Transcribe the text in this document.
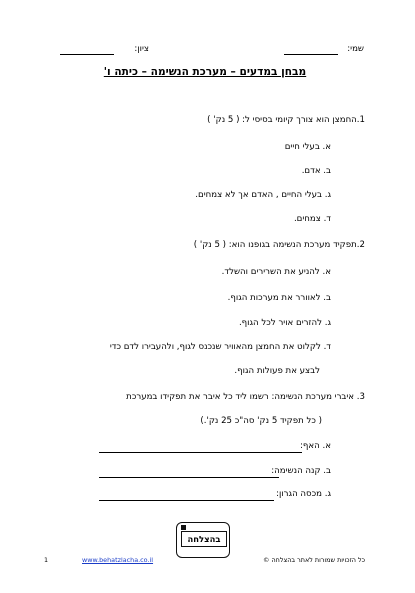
שמי:
ציון:
מבחן במדעים – מערכת הנשימה – כיתה ו'
1.החמצן הוא צורך קיומי בסיסי ל: ( 5 נק' )
א. בעלי חיים
ב. אדם.
ג. בעלי החיים , האדם אך לא צמחים.
ד. צמחים.
2.תפקיד מערכת הנשימה בגופנו הוא: ( 5 נק' )
א. להניע את השרירים והשלד.
ב. לאוורר את מערכות הגוף.
ג. להזרים אויר לכל הגוף.
ד. לקלוט את החמצן מהאוויר שנכנס לגוף, ולהעבירו לדם כדי
לבצע את פעולות הגוף.
3. איברי מערכת הנשימה: רשמו ליד כל איבר את תפקידו במערכת
( כל תפקיד 5 נק' סה"כ 25 נק'.)
א. האף:
ב. קנה הנשימה:
ג. מכסה הגרון:
בהצלחה
כל הזכויות שמורות לאתר בהצלחה ©
www.behatzlacha.co.il
1
